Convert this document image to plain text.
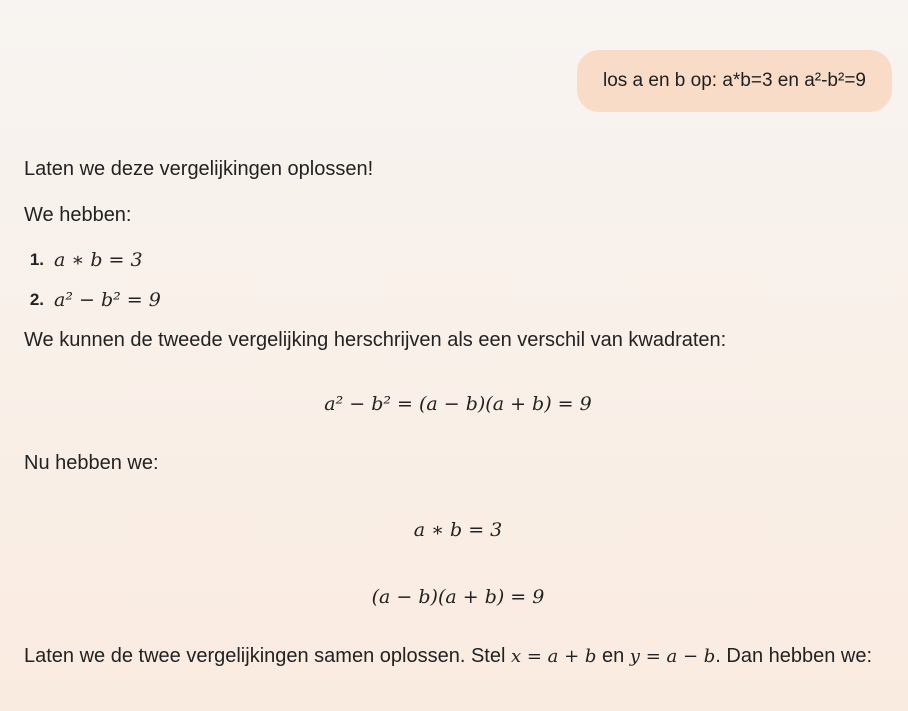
los a en b op: a*b=3 en a²-b²=9

Laten we deze vergelijkingen oplossen!

We hebben:

1. a ∗ b = 3
2. a² − b² = 9

We kunnen de tweede vergelijking herschrijven als een verschil van kwadraten:

a² − b² = (a − b)(a + b) = 9

Nu hebben we:

a ∗ b = 3
(a − b)(a + b) = 9

Laten we de twee vergelijkingen samen oplossen. Stel x = a + b en y = a − b. Dan hebben we:
